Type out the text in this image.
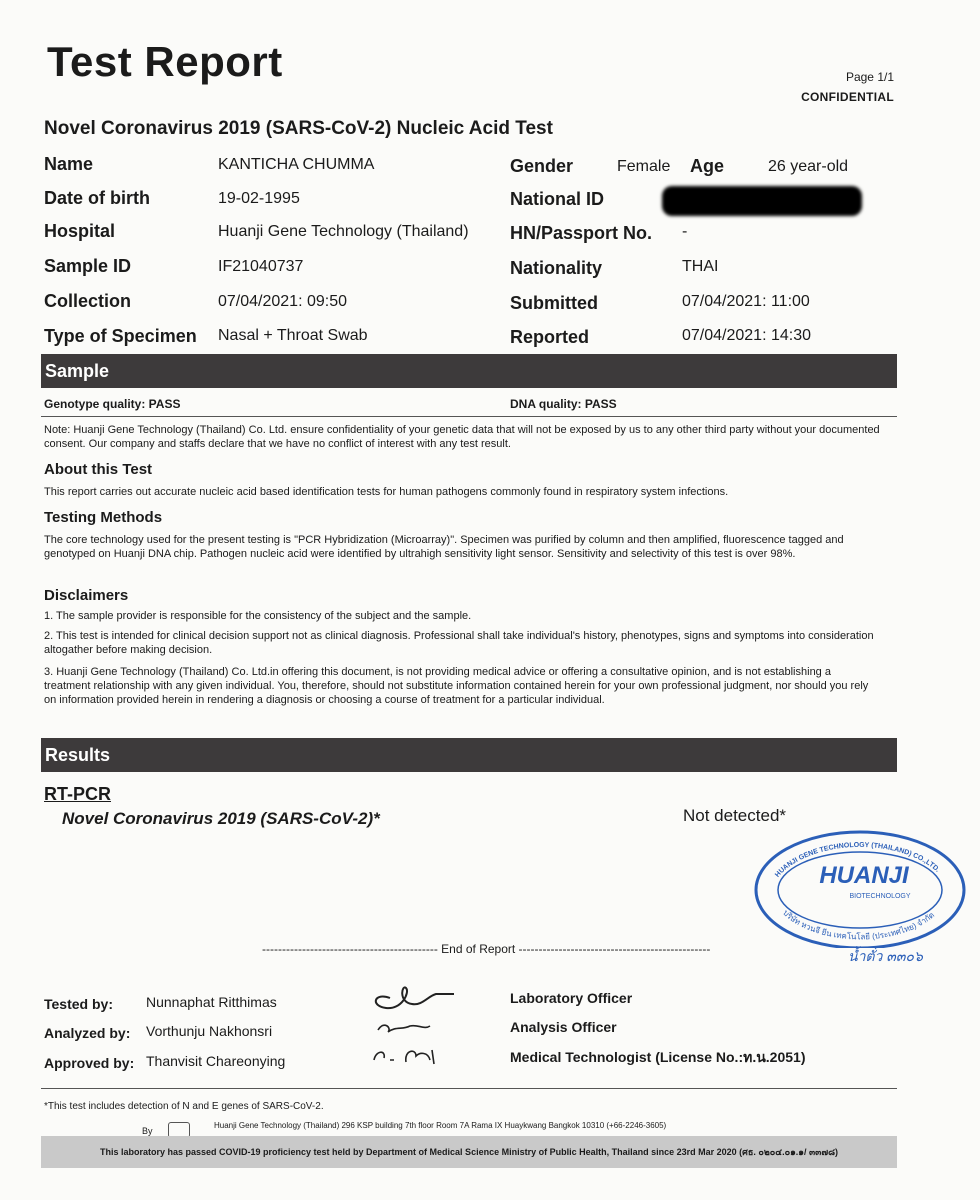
Test Report	Page 1/1
CONFIDENTIAL
Novel Coronavirus 2019 (SARS-CoV-2) Nucleic Acid Test
Name	KANTICHA CHUMMA
Date of birth	19-02-1995
Hospital	Huanji Gene Technology (Thailand)
Sample ID	IF21040737
Collection	07/04/2021: 09:50
Type of Specimen Nasal + Throat Swab
Gender	Female Age	26 year-old
National ID
HN/Passport No. -
Nationality	THAI
Submitted	07/04/2021: 11:00
Reported	07/04/2021: 14:30
Sample
Genotype quality: PASS	DNA quality: PASS
Note: Huanji Gene Technology (Thailand) Co. Ltd. ensure confidentiality of your genetic data that will not be exposed by us to any other third party without your documented consent. Our company and staffs declare that we have no conflict of interest with any test result.
About this Test
This report carries out accurate nucleic acid based identification tests for human pathogens commonly found in respiratory system infections.
Testing Methods
The core technology used for the present testing is "PCR Hybridization (Microarray)". Specimen was purified by column and then amplified, fluorescence tagged and genotyped on Huanji DNA chip. Pathogen nucleic acid were identified by ultrahigh sensitivity light sensor. Sensitivity and selectivity of this test is over 98%.
Disclaimers
1. The sample provider is responsible for the consistency of the subject and the sample.
2. This test is intended for clinical decision support not as clinical diagnosis. Professional shall take individual's history, phenotypes, signs and symptoms into consideration altogather before making decision.
3. Huanji Gene Technology (Thailand) Co. Ltd.in offering this document, is not providing medical advice or offering a consultative opinion, and is not establishing a treatment relationship with any given individual. You, therefore, should not substitute information contained herein for your own professional judgment, nor should you rely on information provided herein in rendering a diagnosis or choosing a course of treatment for a particular individual.
Results
RT-PCR
Novel Coronavirus 2019 (SARS-CoV-2)*	Not detected*
HUANJI GENE TECHNOLOGY (THAILAND) CO.,LTD.
บริษัท หวนจี ยีน เทคโนโลยี (ประเทศไทย) จำกัด
HUANJI
BIOTECHNOLOGY
น้ำตั๋ว ๓๓๐๖
-------------------------------------------- End of Report ------------------------------------------------
Tested by: Nunnaphat Ritthimas	Laboratory Officer
Analyzed by: Vorthunju Nakhonsri	Analysis Officer
Approved by: Thanvisit Chareonying	Medical Technologist (License No.:ท.น.2051)
*This test includes detection of N and E genes of SARS-CoV-2.
By
Huanji Gene Technology (Thailand) 296 KSP building 7th floor Room 7A Rama IX Huaykwang Bangkok 10310 (+66-2246-3605)
This laboratory has passed COVID-19 proficiency test held by Department of Medical Science Ministry of Public Health, Thailand since 23rd Mar 2020 (ศธ. ๐๒๐๔.๐๑.๑/ ๓๓๗๘)
